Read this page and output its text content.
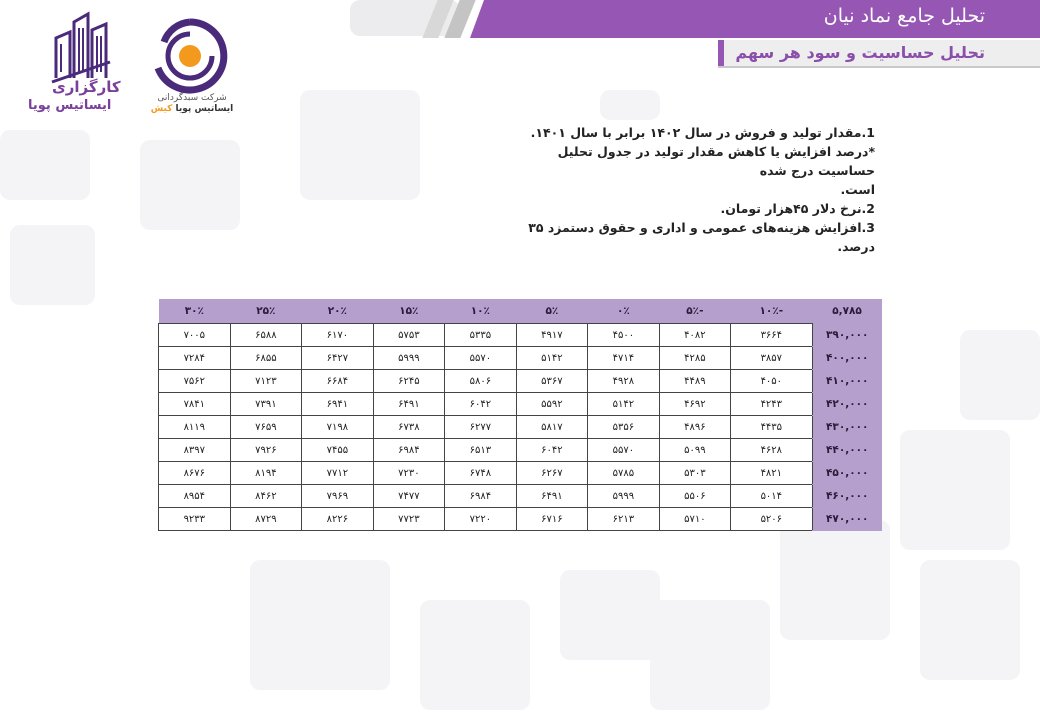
تحلیل جامع نماد نیان
تحلیل حساسیت و سود هر سهم
کارگزاری
ایساتیس پویا	شرکت سبدگردانی
ایساتیس پویا کیش
1.مقدار تولید و فروش در سال ۱۴۰۲ برابر با سال ۱۴۰۱.
*درصد افزایش یا کاهش مقدار تولید در جدول تحلیل حساسیت درج شده
است.
2.نرخ دلار ۴۵هزار تومان.
3.افزایش هزینه‌های عمومی و اداری و حقوق دستمزد ۳۵ درصد.
۵,۷۸۵	-۱۰٪	-۵٪	۰٪	۵٪	۱۰٪	۱۵٪	۲۰٪	۲۵٪	۳۰٪
۳۹۰,۰۰۰	۳۶۶۴	۴۰۸۲	۴۵۰۰	۴۹۱۷	۵۳۳۵	۵۷۵۳	۶۱۷۰	۶۵۸۸	۷۰۰۵
۴۰۰,۰۰۰	۳۸۵۷	۴۲۸۵	۴۷۱۴	۵۱۴۲	۵۵۷۰	۵۹۹۹	۶۴۲۷	۶۸۵۵	۷۲۸۴
۴۱۰,۰۰۰	۴۰۵۰	۴۴۸۹	۴۹۲۸	۵۳۶۷	۵۸۰۶	۶۲۴۵	۶۶۸۴	۷۱۲۳	۷۵۶۲
۴۲۰,۰۰۰	۴۲۴۳	۴۶۹۲	۵۱۴۲	۵۵۹۲	۶۰۴۲	۶۴۹۱	۶۹۴۱	۷۳۹۱	۷۸۴۱
۴۳۰,۰۰۰	۴۴۳۵	۴۸۹۶	۵۳۵۶	۵۸۱۷	۶۲۷۷	۶۷۳۸	۷۱۹۸	۷۶۵۹	۸۱۱۹
۴۴۰,۰۰۰	۴۶۲۸	۵۰۹۹	۵۵۷۰	۶۰۴۲	۶۵۱۳	۶۹۸۴	۷۴۵۵	۷۹۲۶	۸۳۹۷
۴۵۰,۰۰۰	۴۸۲۱	۵۳۰۳	۵۷۸۵	۶۲۶۷	۶۷۴۸	۷۲۳۰	۷۷۱۲	۸۱۹۴	۸۶۷۶
۴۶۰,۰۰۰	۵۰۱۴	۵۵۰۶	۵۹۹۹	۶۴۹۱	۶۹۸۴	۷۴۷۷	۷۹۶۹	۸۴۶۲	۸۹۵۴
۴۷۰,۰۰۰	۵۲۰۶	۵۷۱۰	۶۲۱۳	۶۷۱۶	۷۲۲۰	۷۷۲۳	۸۲۲۶	۸۷۲۹	۹۲۳۳
